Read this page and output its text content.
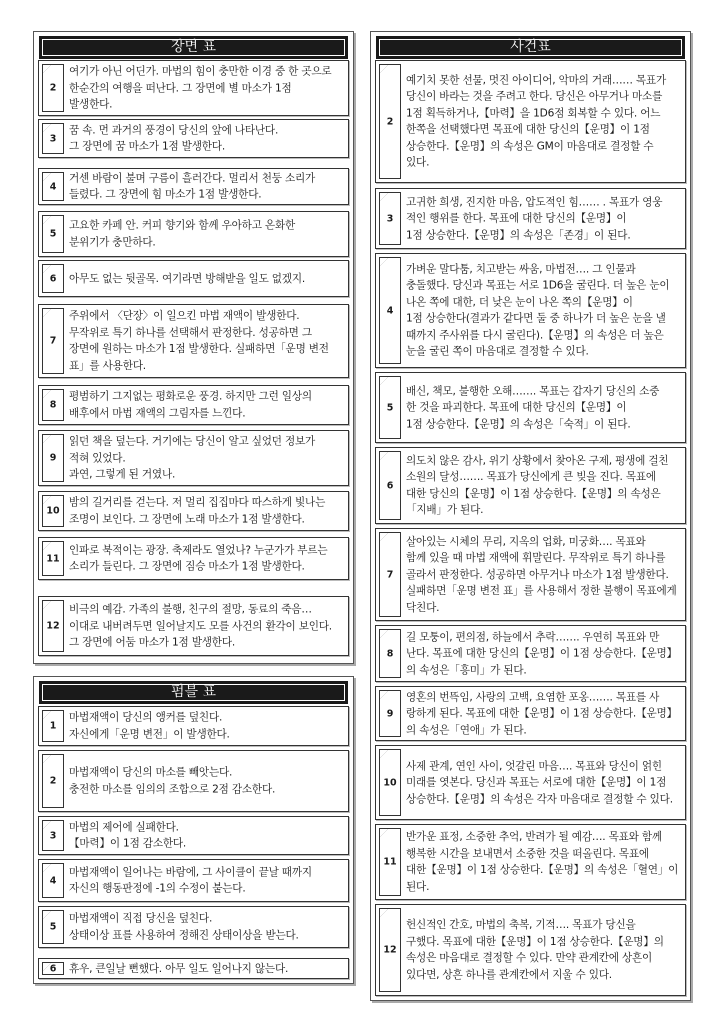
장면 표
펌블 표
사건표
2
여기가 아닌 어딘가. 마법의 힘이 충만한 이경 중 한 곳으로
한순간의 여행을 떠난다. 그 장면에 별 마소가 1점
발생한다.
3
꿈 속. 먼 과거의 풍경이 당신의 앞에 나타난다.
그 장면에 꿈 마소가 1점 발생한다.
4
거센 바람이 불며 구름이 흘러간다. 멀리서 천둥 소리가
들렸다. 그 장면에 힘 마소가 1점 발생한다.
5
고요한 카페 안. 커피 향기와 함께 우아하고 온화한
분위기가 충만하다.
6	아무도 없는 뒷골목. 여기라면 방해받을 일도 없겠지.
7
주위에서 〈단장〉이 일으킨 마법 재액이 발생한다.
무작위로 특기 하나를 선택해서 판정한다. 성공하면 그
장면에 원하는 마소가 1점 발생한다. 실패하면「운명 변전
표」를 사용한다.
8
평범하기 그지없는 평화로운 풍경. 하지만 그런 일상의
배후에서 마법 재액의 그림자를 느낀다.
9
읽던 책을 덮는다. 거기에는 당신이 알고 싶었던 정보가
적혀 있었다.
과연, 그렇게 된 거였나.
10
밤의 길거리를 걷는다. 저 멀리 집집마다 따스하게 빛나는
조명이 보인다. 그 장면에 노래 마소가 1점 발생한다.
11
인파로 북적이는 광장. 축제라도 열었나? 누군가가 부르는
소리가 들린다. 그 장면에 짐승 마소가 1점 발생한다.
12
비극의 예감. 가족의 불행, 친구의 절망, 동료의 죽음…
이대로 내버려두면 일어날지도 모를 사건의 환각이 보인다.
그 장면에 어둠 마소가 1점 발생한다.
1
마법재액이 당신의 앵커를 덮친다.
자신에게「운명 변전」이 발생한다.
2
마법재액이 당신의 마소를 빼앗는다.
충전한 마소를 임의의 조합으로 2점 감소한다.
3
마법의 제어에 실패한다.
【마력】이 1점 감소한다.
4
마법재액이 일어나는 바람에, 그 사이클이 끝날 때까지
자신의 행동판정에 -1의 수정이 붙는다.
5
마법재액이 직접 당신을 덮친다.
상태이상 표를 사용하여 정해진 상태이상을 받는다.
6	휴우, 큰일날 뻔했다. 아무 일도 일어나지 않는다.
2
예기치 못한 선물, 멋진 아이디어, 악마의 거래…… 목표가
당신이 바라는 것을 주려고 한다. 당신은 아무거나 마소를
1점 획득하거나,【마력】을 1D6점 회복할 수 있다. 어느
한쪽을 선택했다면 목표에 대한 당신의【운명】이 1점
상승한다.【운명】의 속성은 GM이 마음대로 결정할 수
있다.
3
고귀한 희생, 진지한 마음, 압도적인 힘…… . 목표가 영웅
적인 행위를 한다. 목표에 대한 당신의【운명】이
1점 상승한다.【운명】의 속성은「존경」이 된다.
4
가벼운 말다툼, 치고받는 싸움, 마법전…. 그 인물과
충돌했다. 당신과 목표는 서로 1D6을 굴린다. 더 높은 눈이
나온 쪽에 대한, 더 낮은 눈이 나온 쪽의【운명】이
1점 상승한다(결과가 같다면 둘 중 하나가 더 높은 눈을 낼
때까지 주사위를 다시 굴린다).【운명】의 속성은 더 높은
눈을 굴린 쪽이 마음대로 결정할 수 있다.
5
배신, 책모, 불행한 오해……. 목표는 갑자기 당신의 소중
한 것을 파괴한다. 목표에 대한 당신의【운명】이
1점 상승한다.【운명】의 속성은「숙적」이 된다.
6
의도치 않은 감사, 위기 상황에서 찾아온 구제, 평생에 걸친
소원의 달성……. 목표가 당신에게 큰 빚을 진다. 목표에
대한 당신의【운명】이 1점 상승한다.【운명】의 속성은
「지배」가 된다.
7
살아있는 시체의 무리, 지옥의 업화, 미궁화…. 목표와
함께 있을 때 마법 재액에 휘말린다. 무작위로 특기 하나를
골라서 판정한다. 성공하면 아무거나 마소가 1점 발생한다.
실패하면「운명 변전 표」를 사용해서 정한 불행이 목표에게
닥친다.
8
길 모퉁이, 편의점, 하늘에서 추락……. 우연히 목표와 만
난다. 목표에 대한 당신의【운명】이 1점 상승한다.【운명】
의 속성은「흥미」가 된다.
9
영혼의 번뜩임, 사랑의 고백, 요염한 포옹……. 목표를 사
랑하게 된다. 목표에 대한【운명】이 1점 상승한다.【운명】
의 속성은「연애」가 된다.
10
사제 관계, 연인 사이, 엇갈린 마음…. 목표와 당신이 얽힌
미래를 엿본다. 당신과 목표는 서로에 대한【운명】이 1점
상승한다.【운명】의 속성은 각자 마음대로 결정할 수 있다.
11
반가운 표정, 소중한 추억, 반려가 될 예감…. 목표와 함께
행복한 시간을 보내면서 소중한 것을 떠올린다. 목표에
대한【운명】이 1점 상승한다.【운명】의 속성은「혈연」이
된다.
12
헌신적인 간호, 마법의 축복, 기적…. 목표가 당신을
구했다. 목표에 대한【운명】이 1점 상승한다.【운명】의
속성은 마음대로 결정할 수 있다. 만약 관계칸에 상흔이
있다면, 상흔 하나를 관계칸에서 지울 수 있다.
